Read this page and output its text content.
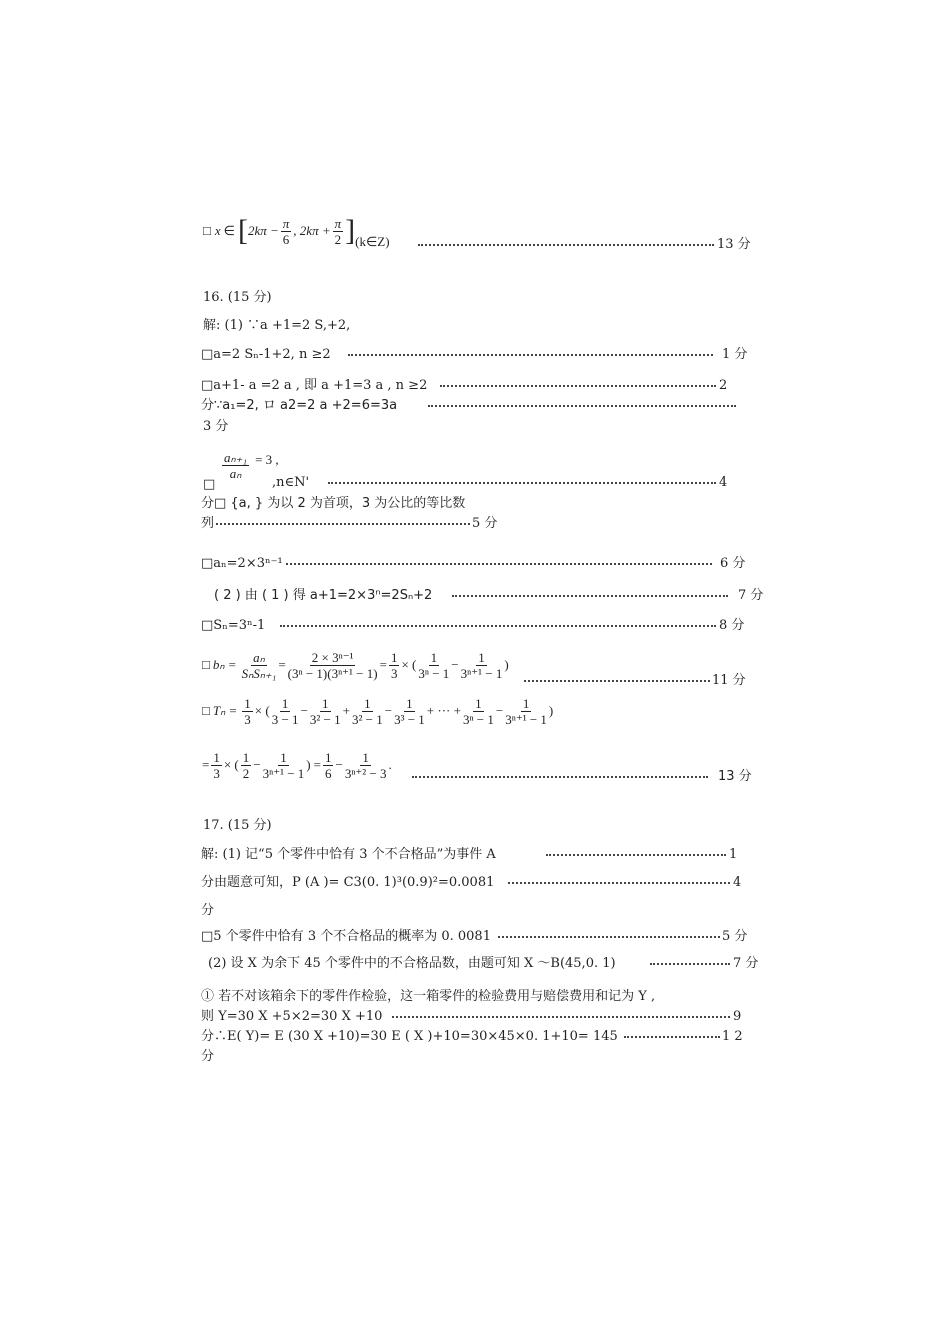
□ x ∈ [ $2k\pi - \frac{\pi}{6}$ , $2k\pi + \frac{\pi}{2}$ ] (k∈Z)	13 分
16. (15 分)
解: (1) ∵a +1=2 S,+2,
□a=2 Sₙ-1+2, n ≥2	1 分
□a+1- a =2 a , 即 a +1=3 a , n ≥2	2
分∵a₁=2, ロ a2=2 a +2=6=3a
3 分
$\frac{\text{aₙ₊₁}}{\text{aₙ}} = 3$ ,
□	,n∈N'	4
分□ {a, } 为以 2 为首项，3 为公比的等比数
列	5 分
□aₙ=2×3ⁿ⁻¹	6 分
( 2 ) 由 ( 1 ) 得 a+1=2×3ⁿ=2Sₙ+2	7 分
□Sₙ=3ⁿ-1	8 分
□ $b_n = \frac{\text{aₙ}}{\text{SₙSₙ₊₁}} = \frac{\text{2 × 3ⁿ⁻¹}}{\text{(3ⁿ − 1)(3ⁿ⁺¹ − 1)}} = \frac{1}{3}$ × ( $\frac{1}{\text{3ⁿ − 1}} - \frac{1}{\text{3ⁿ⁺¹ − 1}}$ )
11 分
□ $T_n = \frac{1}{3}$ × ( $\frac{1}{3 - 1} - \frac{1}{\text{3² − 1}} + \frac{1}{\text{3² − 1}} - \frac{1}{\text{3³ − 1}}$ + ··· + $\frac{1}{\text{3ⁿ − 1}} - \frac{1}{\text{3ⁿ⁺¹ − 1}}$ )
= $\frac{1}{3}$ × ( $\frac{1}{2} - \frac{1}{\text{3ⁿ⁺¹ − 1}}$ ) = $\frac{1}{6} - \frac{1}{\text{3ⁿ⁺² − 3}}$ .
13 分
17. (15 分)
解: (1) 记“5 个零件中恰有 3 个不合格品”为事件 A	1
分由题意可知，P (A )= C3(0. 1)³(0.9)²=0.0081	4
分
□5 个零件中恰有 3 个不合格品的概率为 0. 0081	5 分
(2) 设 X 为余下 45 个零件中的不合格品数，由题可知 X ～B(45,0. 1)	7 分
① 若不对该箱余下的零件作检验，这一箱零件的检验费用与赔偿费用和记为 Y ,
则 Y=30 X +5×2=30 X +10	9
分∴E( Y)= E (30 X +10)=30 E ( X )+10=30×45×0. 1+10= 145	1 2
分
